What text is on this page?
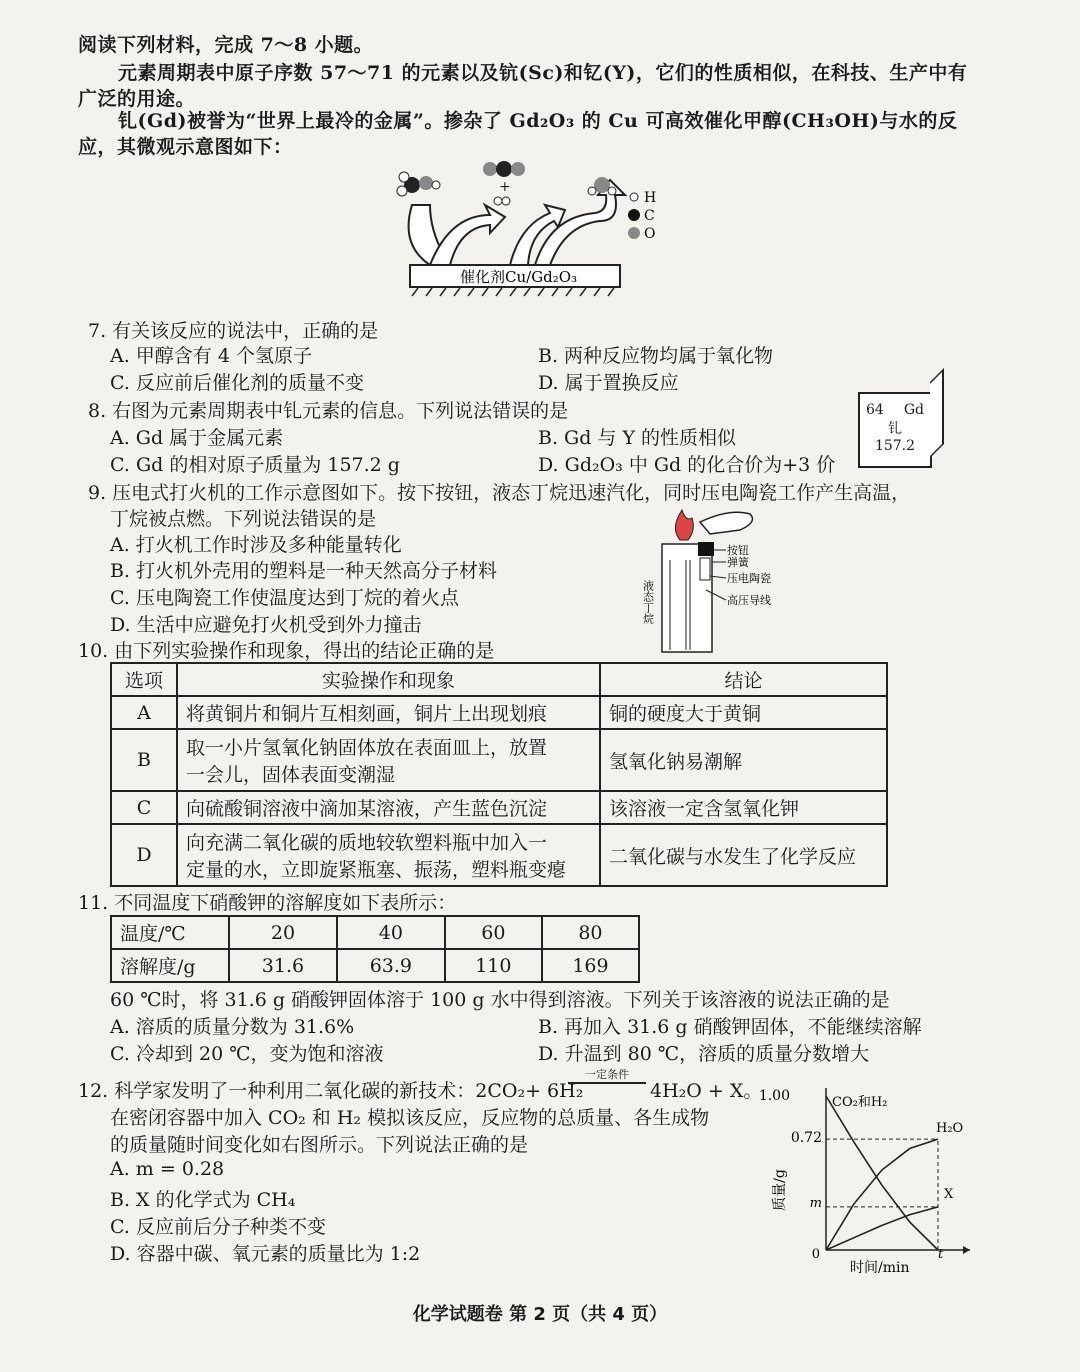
阅读下列材料，完成 7～8 小题。
元素周期表中原子序数 57～71 的元素以及钪(Sc)和钇(Y)，它们的性质相似，在科技、生产中有
广泛的用途。
钆(Gd)被誉为“世界上最冷的金属”。掺杂了 Gd₂O₃ 的 Cu 可高效催化甲醇(CH₃OH)与水的反
应，其微观示意图如下：
+
H
C
O
催化剂Cu/Gd₂O₃
7. 有关该反应的说法中，正确的是
A. 甲醇含有 4 个氢原子	B. 两种反应物均属于氧化物
C. 反应前后催化剂的质量不变	D. 属于置换反应
8. 右图为元素周期表中钆元素的信息。下列说法错误的是
A. Gd 属于金属元素	B. Gd 与 Y 的性质相似
C. Gd 的相对原子质量为 157.2 g	D. Gd₂O₃ 中 Gd 的化合价为+3 价
64 Gd
钆
157.2
9. 压电式打火机的工作示意图如下。按下按钮，液态丁烷迅速汽化，同时压电陶瓷工作产生高温，
丁烷被点燃。下列说法错误的是
A. 打火机工作时涉及多种能量转化
B. 打火机外壳用的塑料是一种天然高分子材料
C. 压电陶瓷工作使温度达到丁烷的着火点
D. 生活中应避免打火机受到外力撞击
按钮
弹簧
压电陶瓷
高压导线
液态丁烷
10. 由下列实验操作和现象，得出的结论正确的是
选项	实验操作和现象	结论
A	将黄铜片和铜片互相刻画，铜片上出现划痕	铜的硬度大于黄铜
B	取一小片氢氧化钠固体放在表面皿上，放置
一会儿，固体表面变潮湿	氢氧化钠易潮解
C	向硫酸铜溶液中滴加某溶液，产生蓝色沉淀	该溶液一定含氢氧化钾
D	向充满二氧化碳的质地较软塑料瓶中加入一
定量的水，立即旋紧瓶塞、振荡，塑料瓶变瘪	二氧化碳与水发生了化学反应
11. 不同温度下硝酸钾的溶解度如下表所示：
温度/℃	20	40	60	80
溶解度/g	31.6	63.9	110	169
60 ℃时，将 31.6 g 硝酸钾固体溶于 100 g 水中得到溶液。下列关于该溶液的说法正确的是
A. 溶质的质量分数为 31.6%	B. 再加入 31.6 g 硝酸钾固体，不能继续溶解
C. 冷却到 20 ℃，变为饱和溶液	D. 升温到 80 ℃，溶质的质量分数增大
12. 科学家发明了一种利用二氧化碳的新技术：2CO₂+ 6H₂
一定条件
4H₂O + X。
在密闭容器中加入 CO₂ 和 H₂ 模拟该反应，反应物的总质量、各生成物
的质量随时间变化如右图所示。下列说法正确的是
A. m = 0.28
B. X 的化学式为 CH₄
C. 反应前后分子种类不变
D. 容器中碳、氧元素的质量比为 1:2
1.00
0.72
m
0	t
时间/min
质量/g
CO₂和H₂
H₂O
X
化学试题卷 第 2 页（共 4 页）
